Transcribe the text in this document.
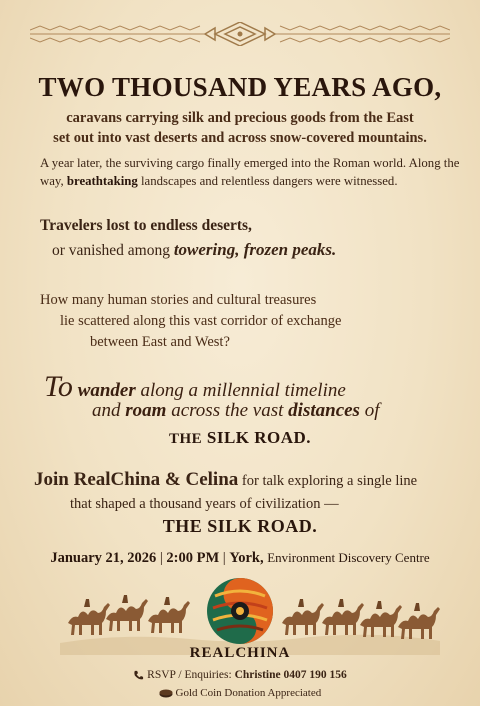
TWO THOUSAND YEARS AGO,
caravans carrying silk and precious goods from the East
set out into vast deserts and across snow-covered mountains.
A year later, the surviving cargo finally emerged into the Roman world. Along the way, breathtaking landscapes and relentless dangers were witnessed.
Travelers lost to endless deserts,
or vanished among towering, frozen peaks.
How many human stories and cultural treasures
lie scattered along this vast corridor of exchange
between East and West?
To wander along a millennial timeline
and roam across the vast distances of
THE SILK ROAD.
Join RealChina & Celina for talk exploring a single line
that shaped a thousand years of civilization —
THE SILK ROAD.
January 21, 2026 | 2:00 PM | York, Environment Discovery Centre
REALCHINA
RSVP / Enquiries: Christine 0407 190 156
Gold Coin Donation Appreciated
